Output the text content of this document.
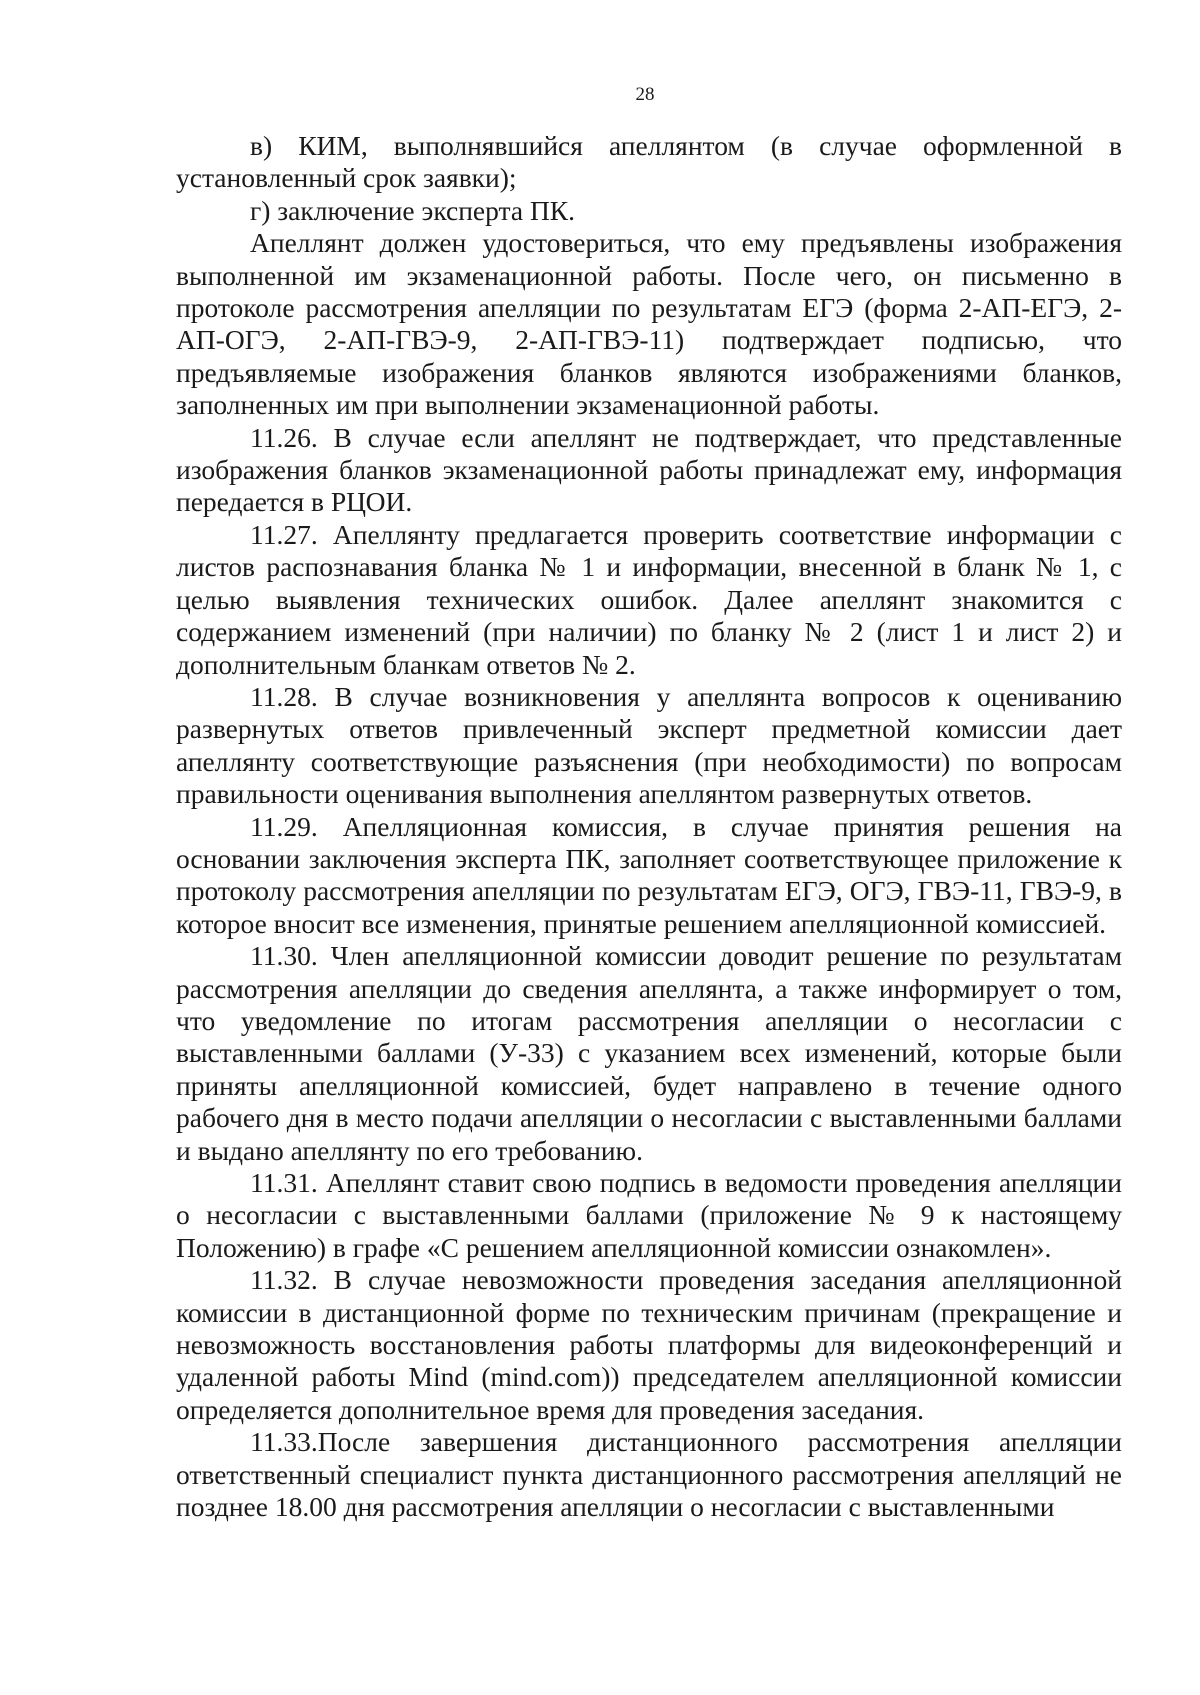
28

в) КИМ, выполнявшийся апеллянтом (в случае оформленной в установленный срок заявки);

г) заключение эксперта ПК.

Апеллянт должен удостовериться, что ему предъявлены изображения выполненной им экзаменационной работы. После чего, он письменно в протоколе рассмотрения апелляции по результатам ЕГЭ (форма 2-АП-ЕГЭ, 2-АП-ОГЭ, 2-АП-ГВЭ-9, 2-АП-ГВЭ-11) подтверждает подписью, что предъявляемые изображения бланков являются изображениями бланков, заполненных им при выполнении экзаменационной работы.

11.26. В случае если апеллянт не подтверждает, что представленные изображения бланков экзаменационной работы принадлежат ему, информация передается в РЦОИ.

11.27. Апеллянту предлагается проверить соответствие информации с листов распознавания бланка № 1 и информации, внесенной в бланк № 1, с целью выявления технических ошибок. Далее апеллянт знакомится с содержанием изменений (при наличии) по бланку № 2 (лист 1 и лист 2) и дополнительным бланкам ответов № 2.

11.28. В случае возникновения у апеллянта вопросов к оцениванию развернутых ответов привлеченный эксперт предметной комиссии дает апеллянту соответствующие разъяснения (при необходимости) по вопросам правильности оценивания выполнения апеллянтом развернутых ответов.

11.29. Апелляционная комиссия, в случае принятия решения на основании заключения эксперта ПК, заполняет соответствующее приложение к протоколу рассмотрения апелляции по результатам ЕГЭ, ОГЭ, ГВЭ-11, ГВЭ-9, в которое вносит все изменения, принятые решением апелляционной комиссией.

11.30. Член апелляционной комиссии доводит решение по результатам рассмотрения апелляции до сведения апеллянта, а также информирует о том, что уведомление по итогам рассмотрения апелляции о несогласии с выставленными баллами (У-33) с указанием всех изменений, которые были приняты апелляционной комиссией, будет направлено в течение одного рабочего дня в место подачи апелляции о несогласии с выставленными баллами и выдано апеллянту по его требованию.

11.31. Апеллянт ставит свою подпись в ведомости проведения апелляции о несогласии с выставленными баллами (приложение № 9 к настоящему Положению) в графе «С решением апелляционной комиссии ознакомлен».

11.32. В случае невозможности проведения заседания апелляционной комиссии в дистанционной форме по техническим причинам (прекращение и невозможность восстановления работы платформы для видеоконференций и удаленной работы Mind (mind.com)) председателем апелляционной комиссии определяется дополнительное время для проведения заседания.

11.33.После завершения дистанционного рассмотрения апелляции ответственный специалист пункта дистанционного рассмотрения апелляций не позднее 18.00 дня рассмотрения апелляции о несогласии с выставленными
